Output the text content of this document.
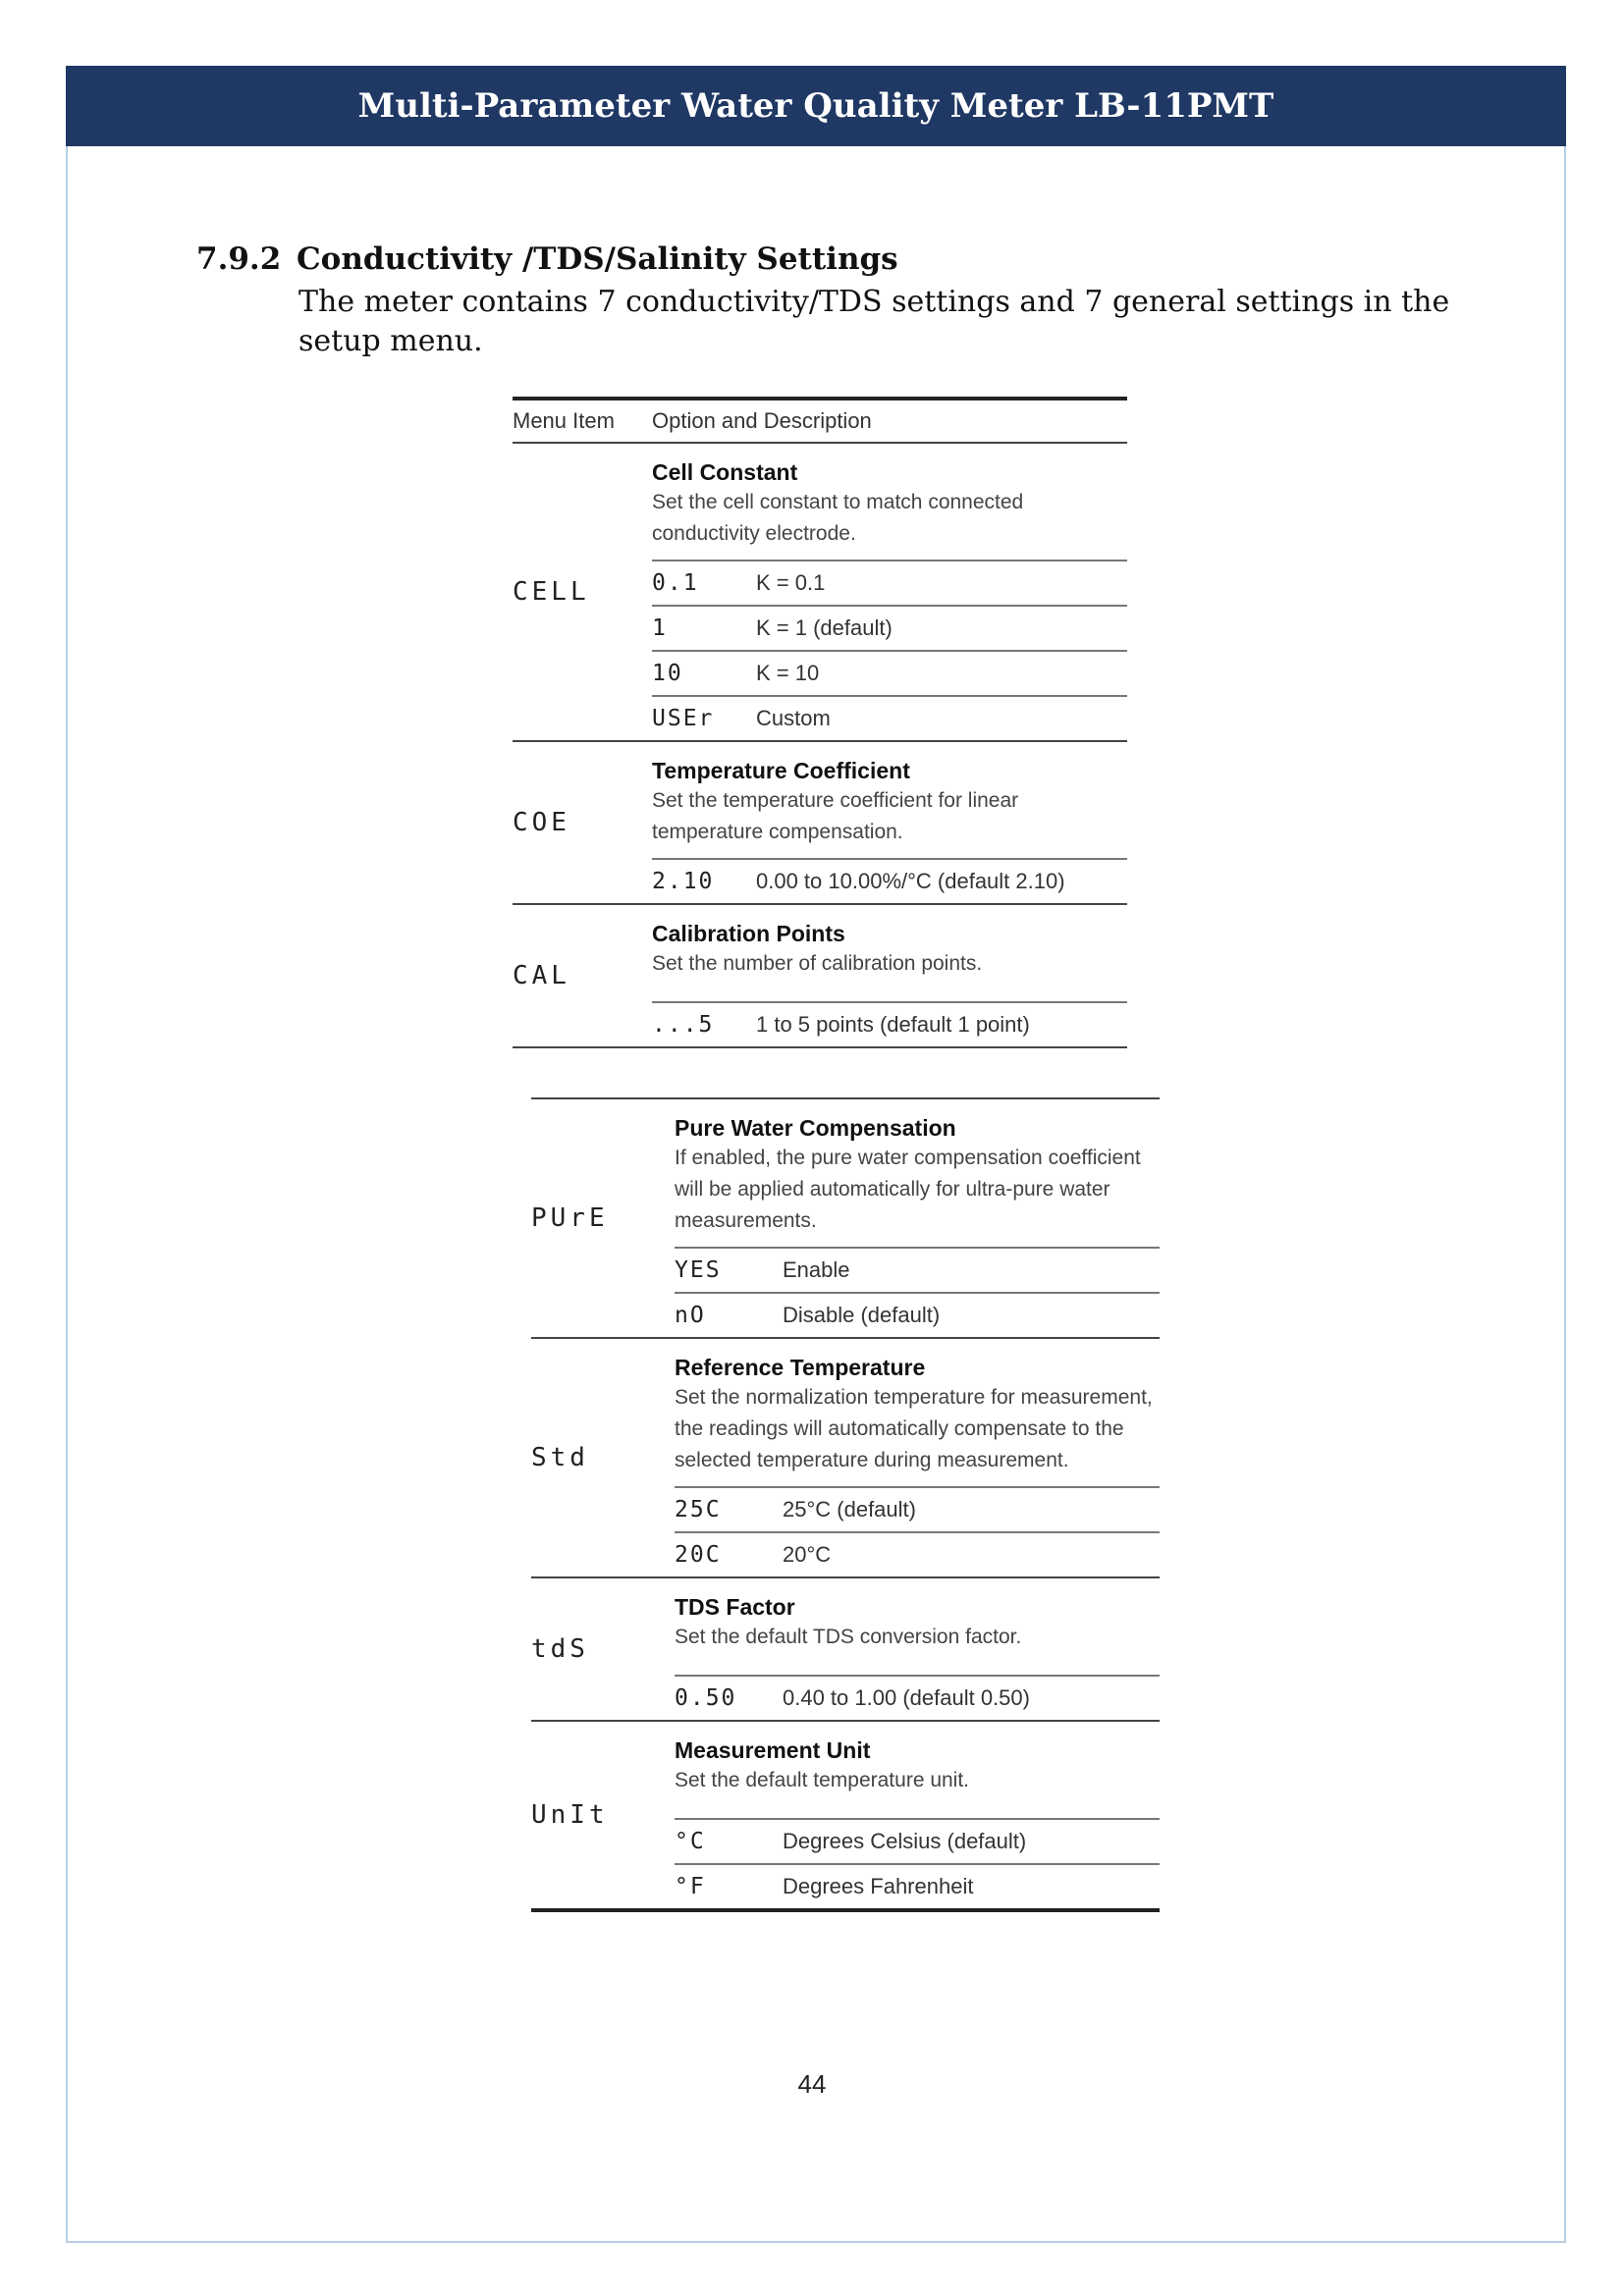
Multi-Parameter Water Quality Meter LB-11PMT
7.9.2 Conductivity /TDS/Salinity Settings
The meter contains 7 conductivity/TDS settings and 7 general settings in the setup menu.
Menu Item	Option and Description
CELL
Cell Constant
Set the cell constant to match connected conductivity electrode.
0.1	K = 0.1
1	K = 1 (default)
10	K = 10
USEr	Custom
COE
Temperature Coefficient
Set the temperature coefficient for linear temperature compensation.
2.10	0.00 to 10.00%/°C (default 2.10)
CAL
Calibration Points
Set the number of calibration points.
...5	1 to 5 points (default 1 point)
PUrE
Pure Water Compensation
If enabled, the pure water compensation coefficient will be applied automatically for ultra-pure water measurements.
YES	Enable
nO	Disable (default)
Std
Reference Temperature
Set the normalization temperature for measurement, the readings will automatically compensate to the selected temperature during measurement.
25C	25°C (default)
20C	20°C
tdS
TDS Factor
Set the default TDS conversion factor.
0.50	0.40 to 1.00 (default 0.50)
UnIt
Measurement Unit
Set the default temperature unit.
°C	Degrees Celsius (default)
°F	Degrees Fahrenheit
44
